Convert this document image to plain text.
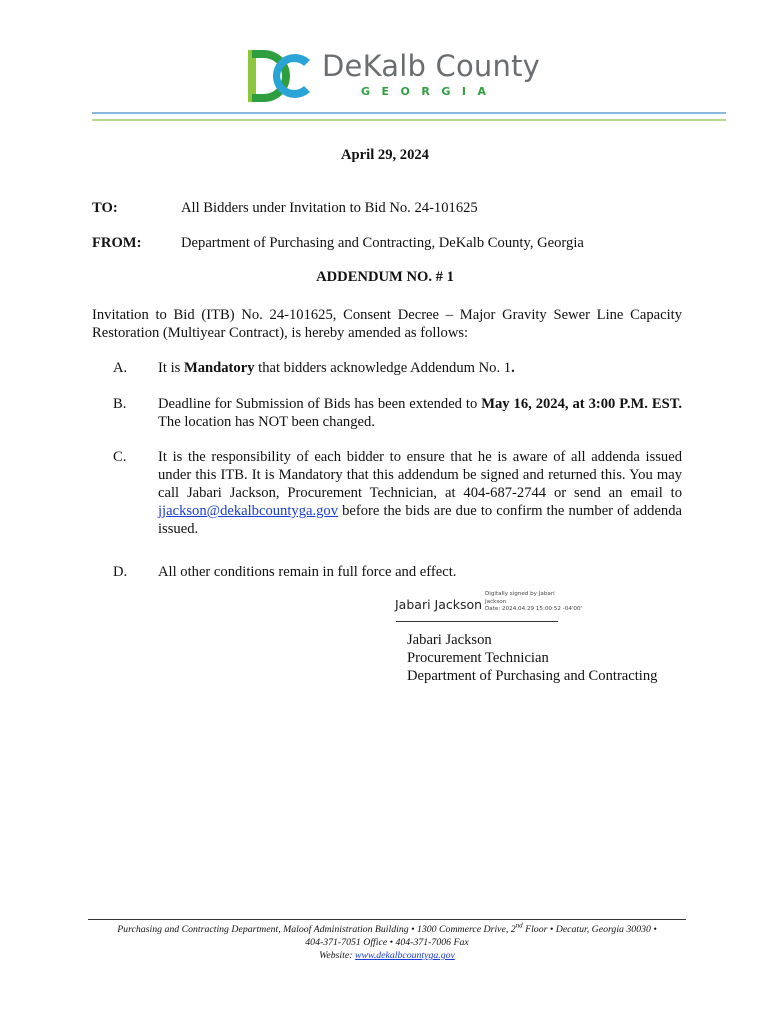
DeKalb County
GEORGIA
April 29, 2024
TO:	All Bidders under Invitation to Bid No. 24-101625
FROM:	Department of Purchasing and Contracting, DeKalb County, Georgia
ADDENDUM NO. # 1
Invitation to Bid (ITB) No. 24-101625, Consent Decree – Major Gravity Sewer Line Capacity Restoration (Multiyear Contract), is hereby amended as follows:
A. It is Mandatory that bidders acknowledge Addendum No. 1.
B. Deadline for Submission of Bids has been extended to May 16, 2024, at 3:00 P.M. EST. The location has NOT been changed.
C. It is the responsibility of each bidder to ensure that he is aware of all addenda issued under this ITB. It is Mandatory that this addendum be signed and returned this. You may call Jabari Jackson, Procurement Technician, at 404-687-2744 or send an email to jjackson@dekalbcountyga.gov before the bids are due to confirm the number of addenda issued.
D. All other conditions remain in full force and effect.
Jabari Jackson
Digitally signed by Jabari
Jackson
Date: 2024.04.29 15:00:52 -04'00'
Jabari Jackson
Procurement Technician
Department of Purchasing and Contracting
Purchasing and Contracting Department, Maloof Administration Building • 1300 Commerce Drive, 2nd Floor • Decatur, Georgia 30030 •
404-371-7051 Office • 404-371-7006 Fax
Website: www.dekalbcountyga.gov
